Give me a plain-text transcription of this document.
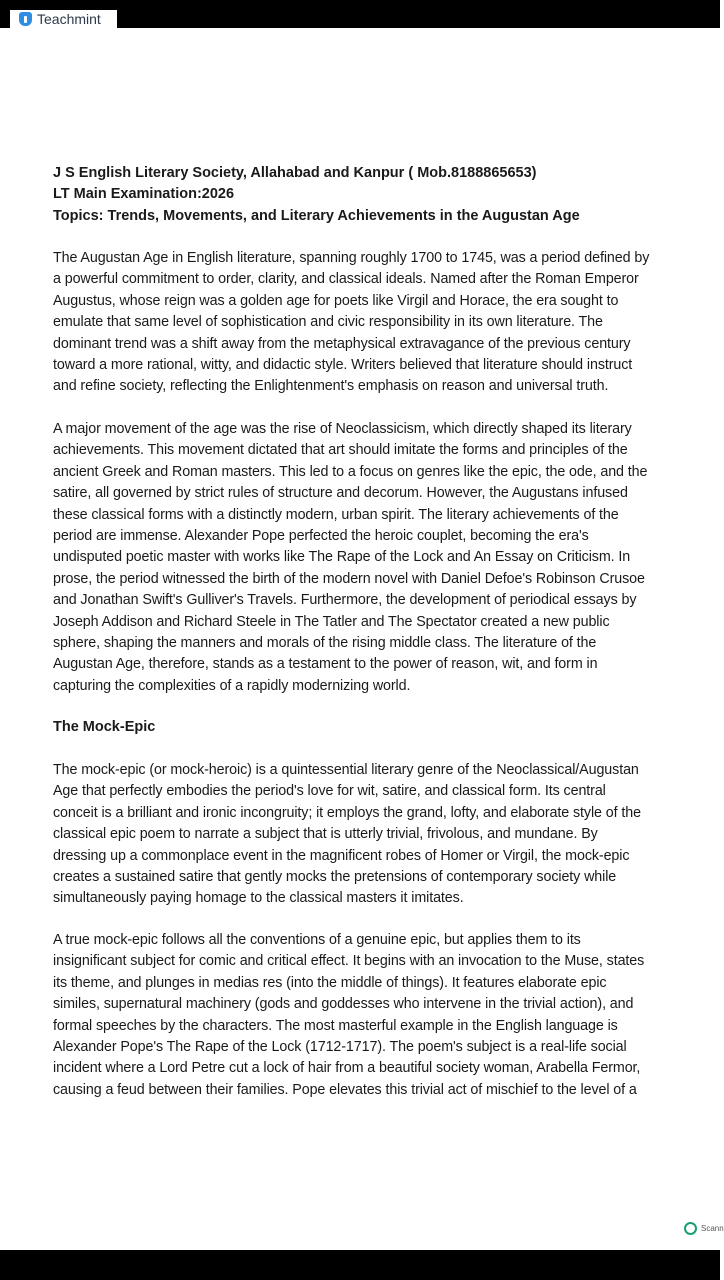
Teachmint
J S English Literary Society, Allahabad and Kanpur ( Mob.8188865653)
LT Main Examination:2026
Topics: Trends, Movements, and Literary Achievements in the Augustan Age
The Augustan Age in English literature, spanning roughly 1700 to 1745, was a period defined by
a powerful commitment to order, clarity, and classical ideals. Named after the Roman Emperor
Augustus, whose reign was a golden age for poets like Virgil and Horace, the era sought to
emulate that same level of sophistication and civic responsibility in its own literature. The
dominant trend was a shift away from the metaphysical extravagance of the previous century
toward a more rational, witty, and didactic style. Writers believed that literature should instruct
and refine society, reflecting the Enlightenment's emphasis on reason and universal truth.
A major movement of the age was the rise of Neoclassicism, which directly shaped its literary
achievements. This movement dictated that art should imitate the forms and principles of the
ancient Greek and Roman masters. This led to a focus on genres like the epic, the ode, and the
satire, all governed by strict rules of structure and decorum. However, the Augustans infused
these classical forms with a distinctly modern, urban spirit. The literary achievements of the
period are immense. Alexander Pope perfected the heroic couplet, becoming the era's
undisputed poetic master with works like The Rape of the Lock and An Essay on Criticism. In
prose, the period witnessed the birth of the modern novel with Daniel Defoe's Robinson Crusoe
and Jonathan Swift's Gulliver's Travels. Furthermore, the development of periodical essays by
Joseph Addison and Richard Steele in The Tatler and The Spectator created a new public
sphere, shaping the manners and morals of the rising middle class. The literature of the
Augustan Age, therefore, stands as a testament to the power of reason, wit, and form in
capturing the complexities of a rapidly modernizing world.
The Mock-Epic
The mock-epic (or mock-heroic) is a quintessential literary genre of the Neoclassical/Augustan
Age that perfectly embodies the period's love for wit, satire, and classical form. Its central
conceit is a brilliant and ironic incongruity; it employs the grand, lofty, and elaborate style of the
classical epic poem to narrate a subject that is utterly trivial, frivolous, and mundane. By
dressing up a commonplace event in the magnificent robes of Homer or Virgil, the mock-epic
creates a sustained satire that gently mocks the pretensions of contemporary society while
simultaneously paying homage to the classical masters it imitates.
A true mock-epic follows all the conventions of a genuine epic, but applies them to its
insignificant subject for comic and critical effect. It begins with an invocation to the Muse, states
its theme, and plunges in medias res (into the middle of things). It features elaborate epic
similes, supernatural machinery (gods and goddesses who intervene in the trivial action), and
formal speeches by the characters. The most masterful example in the English language is
Alexander Pope's The Rape of the Lock (1712-1717). The poem's subject is a real-life social
incident where a Lord Petre cut a lock of hair from a beautiful society woman, Arabella Fermor,
causing a feud between their families. Pope elevates this trivial act of mischief to the level of a
Scann
